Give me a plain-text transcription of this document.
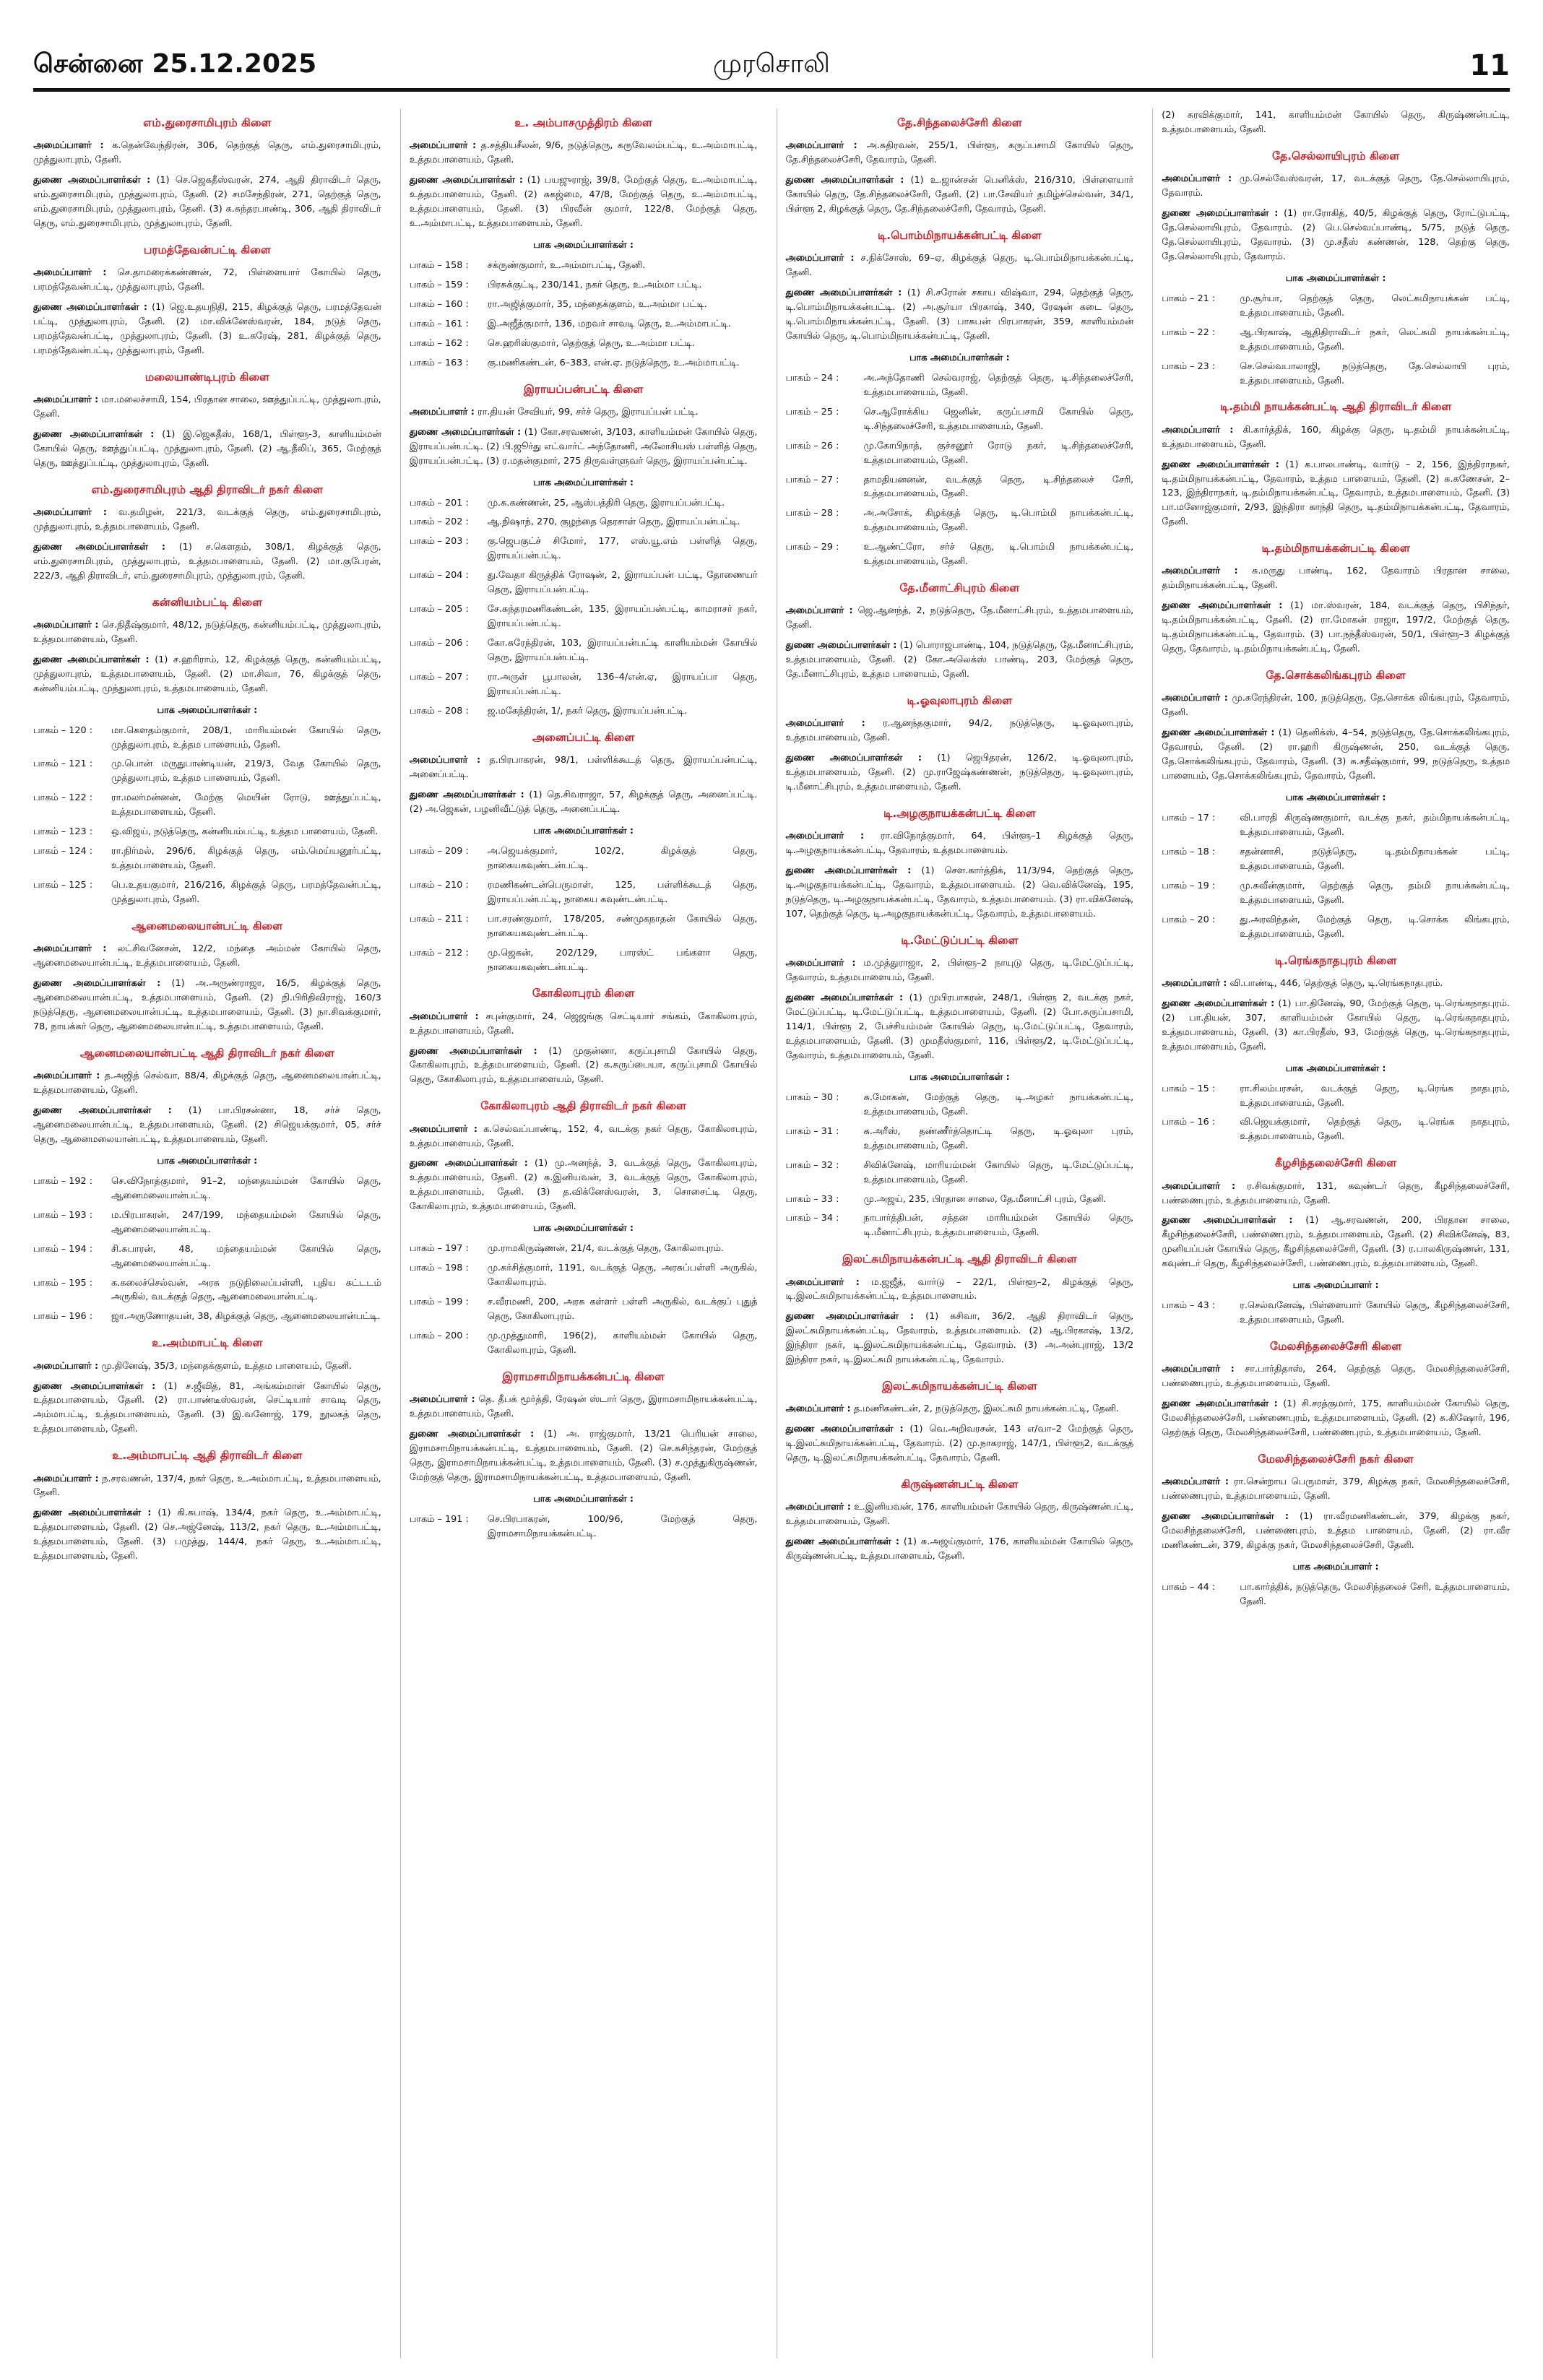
சென்னை 25.12.2025	முரசொலி	11
எம்.துரைசாமிபுரம் கிளை
அமைப்பாளர் : க.தென்வேந்திரன், 306, தெற்குத் தெரு, எம்.துரைசாமிபுரம், முத்துலாபுரம், தேனி.
துணை அமைப்பாளர்கள் : (1) செ.ஜெகதீஸ்வரன், 274, ஆதி திராவிடர் தெரு, எம்.துரைசாமிபுரம், முத்துலாபுரம், தேனி. (2) சமசேந்திரன், 271, தெற்குத் தெரு, எம்.துரைசாமிபுரம், முத்துலாபுரம், தேனி. (3) க.சுந்தரபாண்டி, 306, ஆதி திராவிடர் தெரு, எம்.துரைசாமிபுரம், முத்துலாபுரம், தேனி.
பரமத்தேவன்பட்டி கிளை
அமைப்பாளர் : செ.தாமரைக்கண்ணன், 72, பிள்ளையார் கோயில் தெரு, பரமத்தேவன்பட்டி, முத்துலாபுரம், தேனி.
துணை அமைப்பாளர்கள் : (1) ஜெ.உதயநிதி, 215, கிழக்குத் தெரு, பரமத்தேவன் பட்டி, முத்துலாபுரம், தேனி. (2) மா.விக்னேஸ்வரன், 184, நடுத் தெரு, பரமத்தேவன்பட்டி, முத்துலாபுரம், தேனி. (3) உ.சுரேஷ், 281, கிழக்குத் தெரு, பரமத்தேவன்பட்டி, முத்துலாபுரம், தேனி.
மலையாண்டிபுரம் கிளை
அமைப்பாளர் : மா.மலைச்சாமி, 154, பிரதான சாலை, ஊத்துப்பட்டி, முத்துலாபுரம், தேனி.
துணை அமைப்பாளர்கள் : (1) இ.ஜெகதீஸ், 168/1, பிள்ளூ-3, காளியம்மன் கோயில் தெரு, ஊத்துப்பட்டி, முத்துலாபுரம், தேனி. (2) ஆ.தீலிப், 365, மேற்குத் தெரு, ஊத்துப்பட்டி, முத்துலாபுரம், தேனி.
எம்.துரைசாமிபுரம் ஆதி திராவிடர் நகர் கிளை
அமைப்பாளர் : வ.தமிழன், 221/3, வடக்குத் தெரு, எம்.துரைசாமிபுரம், முத்துலாபுரம், உத்தமபாளையம், தேனி.
துணை அமைப்பாளர்கள் : (1) ச.கௌதம், 308/1, கிழக்குத் தெரு, எம்.துரைசாமிபுரம், முத்துலாபுரம், உத்தமபாளையம், தேனி. (2) மா.குபேரன், 222/3, ஆதி திராவிடர், எம்.துரைசாமிபுரம், முத்துலாபுரம், தேனி.
கன்னியம்பட்டி கிளை
அமைப்பாளர் : செ.நிதீஷ்குமார், 48/12, நடுத்தெரு, கன்னியம்பட்டி, முத்துலாபுரம், உத்தமபாளையம், தேனி.
துணை அமைப்பாளர்கள் : (1) ச.ஹரிராம், 12, கிழக்குத் தெரு, கன்னியம்பட்டி, முத்துலாபுரம், உத்தமபாளையம், தேனி. (2) மா.சிவா, 76, கிழக்குத் தெரு, கன்னியம்பட்டி, முத்துலாபுரம், உத்தமபாளையம், தேனி.
பாக அமைப்பாளர்கள் :
பாகம் – 120 :	மா.கௌதம்குமார், 208/1, மாரியம்மன் கோயில் தெரு, முத்துலாபுரம், உத்தம பாளையம், தேனி.
பாகம் – 121 :	மு.பொன் மருதுபாண்டியன், 219/3, வேத கோயில் தெரு, முத்துலாபுரம், உத்தம பாளையம், தேனி.
பாகம் – 122 :	ரா.மலர்மன்னன், மேற்கு மெயின் ரோடு, ஊத்துப்பட்டி, உத்தமபாளையம், தேனி.
பாகம் – 123 :	ஒ.விஜய், நடுத்தெரு, கன்னியம்பட்டி, உத்தம பாளையம், தேனி.
பாகம் – 124 :	ரா.நிர்மல், 296/6, கிழக்குத் தெரு, எம்.மெய்யனூர்பட்டி, உத்தமபாளையம், தேனி.
பாகம் – 125 :	பெ.உதயகுமார், 216/216, கிழக்குத் தெரு, பரமத்தேவன்பட்டி, முத்துலாபுரம், தேனி.
ஆனைமலையான்பட்டி கிளை
அமைப்பாளர் : லட்சிவனேசன், 12/2, மந்தை அம்மன் கோயில் தெரு, ஆனைமலையான்பட்டி, உத்தமபாளையம், தேனி.
துணை அமைப்பாளர்கள் : (1) அ.அருண்ராஜா, 16/5, கிழக்குத் தெரு, ஆனைமலையான்பட்டி, உத்தமபாளையம், தேனி. (2) நி.பிரிதிவிராஜ், 160/3 நடுத்தெரு, ஆனைமலையான்பட்டி, உத்தமபாளையம், தேனி. (3) நா.சிவக்குமார், 78, நாயக்கர் தெரு, ஆனைமலையான்பட்டி, உத்தமபாளையம், தேனி.
ஆனைமலையான்பட்டி ஆதி திராவிடர் நகர் கிளை
அமைப்பாளர் : த.அஜித் செல்வா, 88/4, கிழக்குத் தெரு, ஆனைமலையான்பட்டி, உத்தமபாளையம், தேனி.
துணை அமைப்பாளர்கள் : (1) பா.பிரசன்னா, 18, சர்ச் தெரு, ஆனைமலையான்பட்டி, உத்தமபாளையம், தேனி. (2) சிஜெயக்குமார், 05, சர்ச் தெரு, ஆனைமலையான்பட்டி, உத்தமபாளையம், தேனி.
பாக அமைப்பாளர்கள் :
பாகம் – 192 :	செ.விநோத்குமார், 91–2, மந்தையம்மன் கோயில் தெரு, ஆனைமலையான்பட்டி.
பாகம் – 193 :	ம.பிரபாகரன், 247/199, மந்தையம்மன் கோயில் தெரு, ஆனைமலையான்பட்டி.
பாகம் – 194 :	சி.சுபாரன், 48, மந்தையம்மன் கோயில் தெரு, ஆனைமலையான்பட்டி.
பாகம் – 195 :	க.கலைச்செல்வன், அரசு நடுநிலைப்பள்ளி, புதிய கட்டடம் அருகில், வடக்குத் தெரு, ஆனைமலையான்பட்டி.
பாகம் – 196 :	ஜா.அருணோதயன், 38, கிழக்குத் தெரு, ஆனைமலையான்பட்டி.
உ.அம்மாபட்டி கிளை
அமைப்பாளர் : மு.தினேஷ், 35/3, மந்தைக்குளம், உத்தம பாளையம், தேனி.
துணை அமைப்பாளர்கள் : (1) ச.ஜீவித், 81, அங்கம்மாள் கோயில் தெரு, உத்தமபாளையம், தேனி. (2) ரா.பாண்டீஸ்வரன், செட்டியார் சாவடி தெரு, அம்மாபட்டி, உத்தமபாளையம், தேனி. (3) இ.வனோஜ், 179, நூலகத் தெரு, உத்தமபாளையம், தேனி.
உ.அம்மாபட்டி ஆதி திராவிடர் கிளை
அமைப்பாளர் : ந.சரவணன், 137/4, நகர் தெரு, உ.அம்மாபட்டி, உத்தமபாளையம், தேனி.
துணை அமைப்பாளர்கள் : (1) கி.சுபாஷ், 134/4, நகர் தெரு, உ.அம்மாபட்டி, உத்தமபாளையம், தேனி. (2) செ.அஜ்னேஷ், 113/2, நகர் தெரு, உ.அம்மாபட்டி, உத்தமபாளையம், தேனி. (3) பமுத்து, 144/4, நகர் தெரு, உ.அம்மாபட்டி, உத்தமபாளையம், தேனி.
உ. அம்பாசமுத்திரம் கிளை
அமைப்பாளர் : த.சத்தியசீலன், 9/6, நடுத்தெரு, கருவேலம்பட்டி, உ.அம்மாபட்டி, உத்தமபாளையம், தேனி.
துணை அமைப்பாளர்கள் : (1) பயஜுராஜ், 39/8, மேற்குத் தெரு, உ.அம்மாபட்டி, உத்தமபாளையம், தேனி. (2) சுகஜ்மை, 47/8, மேற்குத் தெரு, உ.அம்மாபட்டி, உத்தமபாளையம், தேனி. (3) பிரவீன் குமார், 122/8, மேற்குத் தெரு, உ.அம்மாபட்டி, உத்தமபாளையம், தேனி.
பாக அமைப்பாளர்கள் :
பாகம் – 158 :	சக்ருண்குமார், உ.அம்மாபட்டி, தேனி.
பாகம் – 159 :	பிரசுக்குட்டி, 230/141, நகர் தெரு, உ.அம்மா பட்டி.
பாகம் – 160 :	ரா.அஜித்குமார், 35, மந்தைக்குளம், உ.அம்மா பட்டி.
பாகம் – 161 :	இ.அஜீத்குமார், 136, மறவர் சாவடி தெரு, உ.அம்மாபட்டி.
பாகம் – 162 :	செ.ஹரிஸ்குமார், தெற்குத் தெரு, உ.அம்மா பட்டி.
பாகம் – 163 :	கு.மணிகண்டன், 6–383, என்.ஏ. நடுத்தெரு, உ.அம்மாபட்டி.
இராயப்பன்பட்டி கிளை
அமைப்பாளர் : ரா.தியன் சேவியர், 99, சர்ச் தெரு, இராயப்பன் பட்டி.
துணை அமைப்பாளர்கள் : (1) கோ.சரவணன், 3/103, காளியம்மன் கோயில் தெரு, இராயப்பன்பட்டி. (2) பி.ஜூர்து எட்வார்ட் அந்தோணி, அலோசியஸ் பள்ளித் தெரு, இராயப்பன்பட்டி. (3) ர.மதன்குமார், 275 திருவள்ளுவர் தெரு, இராயப்பன்பட்டி.
பாக அமைப்பாளர்கள் :
பாகம் – 201 :	மு.சு.கண்ணன், 25, ஆஸ்பத்திரி தெரு, இராயப்பன்பட்டி.
பாகம் – 202 :	ஆ.நிஷாந், 270, குழந்தை தெரசாள் தெரு, இராயப்பன்பட்டி.
பாகம் – 203 :	கு.ஜெபகுட்ச் சிமோர், 177, எஸ்.யூ.எம் பள்ளித் தெரு, இராயப்பன்பட்டி.
பாகம் – 204 :	து.வேதா கிருத்திக் ரோஷன், 2, இராயப்பன் பட்டி, தோணையர் தெரு, இராயப்பன்பட்டி.
பாகம் – 205 :	சே.சுந்தரமணிகண்டன், 135, இராயப்பன்பட்டி, காமராசர் நகர், இராயப்பன்பட்டி.
பாகம் – 206 :	கோ.சுரேந்திரன், 103, இராயப்பன்பட்டி காளியம்மன் கோயில் தெரு, இராயப்பன்பட்டி.
பாகம் – 207 :	ரா.அருள் பூபாலன், 136–4/என்.ஏ, இராயப்பா தெரு, இராயப்பன்பட்டி.
பாகம் – 208 :	ஜ.மகேந்திரன், 1/, நகர் தெரு, இராயப்பன்பட்டி.
அனைப்பட்டி கிளை
அமைப்பாளர் : த.பிரபாகரன், 98/1, பள்ளிக்கூடத் தெரு, இராயப்பன்பட்டி, அனைப்பட்டி.
துணை அமைப்பாளர்கள் : (1) தெ.சிவராஜா, 57, கிழக்குத் தெரு, அனைப்பட்டி. (2) அ.ஜெகன், பழனிவீட்டுத் தெரு, அனைப்பட்டி.
பாக அமைப்பாளர்கள் :
பாகம் – 209 :	அ.ஜெயக்குமார், 102/2, கிழக்குத் தெரு, நாகையகவுண்டன்பட்டி.
பாகம் – 210 :	ரமணிகண்டன்பெருமாள், 125, பள்ளிக்கூடத் தெரு, இராயப்பன்பட்டி, நாகைய கவுண்டன்பட்டி.
பாகம் – 211 :	பா.சரண்குமார், 178/205, சண்முகநாதன் கோயில் தெரு, நாகையகவுண்டன்பட்டி.
பாகம் – 212 :	மு.ஜெகன், 202/129, பாரஸ்ட் பங்களா தெரு, நாகையகவுண்டன்பட்டி.
கோகிலாபுரம் கிளை
அமைப்பாளர் : சபுன்குமார், 24, ஜெஜங்கு செட்டியார் சங்கம், கோகிலாபுரம், உத்தமபாளையம், தேனி.
துணை அமைப்பாளர்கள் : (1) முகுன்னா, கருப்புசாமி கோயில் தெரு, கோகிலாபுரம், உத்தமபாளையம், தேனி. (2) க.சுருப்பையா, கருப்புசாமி கோயில் தெரு, கோகிலாபுரம், உத்தமபாளையம், தேனி.
கோகிலாபுரம் ஆதி திராவிடர் நகர் கிளை
அமைப்பாளர் : க.செல்வப்பாண்டி, 152, 4, வடக்கு நகர் தெரு, கோகிலாபுரம், உத்தமபாளையம், தேனி.
துணை அமைப்பாளர்கள் : (1) மு.அனந்த், 3, வடக்குத் தெரு, கோகிலாபுரம், உத்தமபாளையம், தேனி. (2) சு.இனியவன், 3, வடக்குத் தெரு, கோகிலாபுரம், உத்தமபாளையம், தேனி. (3) த.விக்னேஸ்வரன், 3, சொசைட்டி தெரு, கோகிலாபுரம், உத்தமபாளையம், தேனி.
பாக அமைப்பாளர்கள் :
பாகம் – 197 :	மு.ராமகிருஷ்ணன், 21/4, வடக்குத் தெரு, கோகிலாபுரம்.
பாகம் – 198 :	மு.சுர்சித்குமார், 1191, வடக்குத் தெரு, அரசுப்பள்ளி அருகில், கோகிலாபுரம்.
பாகம் – 199 :	ச.வீரமணி, 200, அரசு கள்ளர் பள்ளி அருகில், வடக்குப் புதுத் தெரு, கோகிலாபுரம்.
பாகம் – 200 :	மு.முத்துமாரி, 196(2), காளியம்மன் கோயில் தெரு, கோகிலாபுரம், தேனி.
இராமசாமிநாயக்கன்பட்டி கிளை
அமைப்பாளர் : தெ. தீபக் மூர்த்தி, ரேஷன் ஸ்டார் தெரு, இராமசாமிநாயக்கன்பட்டி, உத்தமபாளையம், தேனி.
துணை அமைப்பாளர்கள் : (1) அ. ராஜ்குமார், 13/21 பெரியன் சாலை, இராமசாமிநாயக்கன்பட்டி, உத்தமபாளையம், தேனி. (2) செ.சுசிந்தரன், மேற்குத் தெரு, இராமசாமிநாயக்கன்பட்டி, உத்தமபாளையம், தேனி. (3) ச.முத்துகிருஷ்ணன், மேற்குத் தெரு, இராமசாமிநாயக்கன்பட்டி, உத்தமபாளையம், தேனி.
பாக அமைப்பாளர்கள் :
பாகம் – 191 :	செ.பிரபாகரன், 100/96, மேற்குத் தெரு, இராமசாமிநாயக்கன்பட்டி.
தே.சிந்தலைச்சேரி கிளை
அமைப்பாளர் : அ.சுதிரவன், 255/1, பிள்ளூ, கருப்பசாமி கோயில் தெரு, தே.சிந்தலைச்சேரி, தேவாரம், தேனி.
துணை அமைப்பாளர்கள் : (1) உ.ஜான்சன் பெனிக்ஸ், 216/310, பிள்ளையார் கோயில் தெரு, தே.சிந்தலைச்சேரி, தேனி. (2) பா.சேவியர் தமிழ்ச்செல்வன், 34/1, பிள்ளூ 2, கிழக்குத் தெரு, தே.சிந்தலைச்சேரி, தேவாரம், தேனி.
டி.பொம்மிநாயக்கன்பட்டி கிளை
அமைப்பாளர் : ச.நிக்சோஸ், 69–ஏ, கிழக்குத் தெரு, டி.பொம்மிநாயக்கன்பட்டி, தேனி.
துணை அமைப்பாளர்கள் : (1) சி.சரோன் சகாய விஷ்வா, 294, தெற்குத் தெரு, டி.பொம்மிநாயக்கன்பட்டி. (2) அ.சூர்யா பிரகாஷ், 340, ரேஷன் கடை தெரு, டி.பொம்மிநாயக்கன்பட்டி, தேனி. (3) பாசுபன் பிரபாகரன், 359, காளியம்மன் கோயில் தெரு, டி.பொம்மிநாயக்கன்பட்டி, தேனி.
பாக அமைப்பாளர்கள் :
பாகம் – 24 :	அ.அந்தோணி செல்வராஜ், தெற்குத் தெரு, டி.சிந்தலைச்சேரி, உத்தமபாளையம், தேனி.
பாகம் – 25 :	செ.ஆரோக்கிய ஜெனின், கருப்பசாமி கோயில் தெரு, டி.சிந்தலைச்சேரி, உத்தமபாளையம், தேனி.
பாகம் – 26 :	மு.கோபிநாத், குச்சனூர் ரோடு நகர், டி.சிந்தலைச்சேரி, உத்தமபாளையம், தேனி.
பாகம் – 27 :	தாமதியனனன், வடக்குத் தெரு, டி.சிந்தலைச் சேரி, உத்தமபாளையம், தேனி.
பாகம் – 28 :	அ.அசோக், கிழக்குத் தெரு, டி.பொம்மி நாயக்கன்பட்டி, உத்தமபாளையம், தேனி.
பாகம் – 29 :	உ.ஆண்ட்ரோ, சர்ச் தெரு, டி.பொம்மி நாயக்கன்பட்டி, உத்தமபாளையம், தேனி.
தே.மீனாட்சிபுரம் கிளை
அமைப்பாளர் : ஜெ.ஆனந்த், 2, நடுத்தெரு, தே.மீனாட்சிபுரம், உத்தமபாளையம், தேனி.
துணை அமைப்பாளர்கள் : (1) பொராஜபாண்டி, 104, நடுத்தெரு, தே.மீனாட்சிபுரம், உத்தமபாளையம், தேனி. (2) கோ.அலெக்ஸ் பாண்டி, 203, மேற்குத் தெரு, தே.மீனாட்சிபுரம், உத்தம பாளையம், தேனி.
டி.ஓவுலாபுரம் கிளை
அமைப்பாளர் : ர.ஆனந்தகுமார், 94/2, நடுத்தெரு, டி.ஓவுலாபுரம், உத்தமபாளையம், தேனி.
துணை அமைப்பாளர்கள் : (1) ஜெபிதரன், 126/2, டி.ஓவுலாபுரம், உத்தமபாளையம், தேனி. (2) மு.ராஜேஷ்கண்ணன், நடுத்தெரு, டி.ஓவுலாபுரம், டி.மீனாட்சிபுரம், உத்தமபாளையம், தேனி.
டி.அழகுநாயக்கன்பட்டி கிளை
அமைப்பாளர் : ரா.விநோத்குமார், 64, பிள்ளூ–1 கிழக்குத் தெரு, டி.அழகுநாயக்கன்பட்டி, தேவாரம், உத்தமபாளையம்.
துணை அமைப்பாளர்கள் : (1) செள.கார்த்திக், 11/3/94, தெற்குத் தெரு, டி.அழகுநாயக்கன்பட்டி, தேவாரம், உத்தமபாளையம். (2) வெ.விக்னேஷ், 195, நடுத்தெரு, டி.அழகுநாயக்கன்பட்டி, தேவாரம், உத்தமபாளையம். (3) ரா.விக்னேஷ், 107, தெற்குத் தெரு, டி.அழகுநாயக்கன்பட்டி, தேவாரம், உத்தமபாளையம்.
டி.மேட்டுப்பட்டி கிளை
அமைப்பாளர் : ம.முத்துராஜா, 2, பிள்ளூ–2 நாயுடு தெரு, டி.மேட்டுப்பட்டி, தேவாரம், உத்தமபாளையம், தேனி.
துணை அமைப்பாளர்கள் : (1) முபிரபாகரன், 248/1, பிள்ளூ 2, வடக்கு நகர், மேட்டுப்பட்டி, டி.மேட்டுப்பட்டி, உத்தமபாளையம், தேனி. (2) போ.சுருப்பசாமி, 114/1, பிள்ளூ 2, பேச்சியம்மன் கோயில் தெரு, டி.மேட்டுப்பட்டி, தேவாரம், உத்தமபாளையம், தேனி. (3) முமதீஸ்குமார், 116, பிள்ளூ/2, டி.மேட்டுப்பட்டி, தேவாரம், உத்தமபாளையம், தேனி.
பாக அமைப்பாளர்கள் :
பாகம் – 30 :	சு.மோகன், மேற்குத் தெரு, டி.அழகர் நாயக்கன்பட்டி, உத்தமபாளையம், தேனி.
பாகம் – 31 :	சு.அரீஸ், தண்ணீர்த்தொட்டி தெரு, டி.ஓவுலா புரம், உத்தமபாளையம், தேனி.
பாகம் – 32 :	சிவிக்னேஷ், மாரியம்மன் கோயில் தெரு, டி.மேட்டுப்பட்டி, உத்தமபாளையம், தேனி.
பாகம் – 33 :	மு.அஜய், 235, பிரதான சாலை, தே.மீனாட்சி புரம், தேனி.
பாகம் – 34 :	நாபார்த்திபன், சந்தன மாரியம்மன் கோயில் தெரு, டி.மீனாட்சிபுரம், உத்தமபாளையம், தேனி.
இலட்சுமிநாயக்கன்பட்டி ஆதி திராவிடர் கிளை
அமைப்பாளர் : ம.ஜஜீத், வார்டு – 22/1, பிள்ளூ–2, கிழக்குத் தெரு, டி.இலட்சுமிநாயக்கன்பட்டி, உத்தமபாளையம்.
துணை அமைப்பாளர்கள் : (1) சுசிவா, 36/2, ஆதி திராவிடர் தெரு, இலட்சுமிநாயக்கன்பட்டி, தேவாரம், உத்தமபாளையம். (2) ஆ.பிரகாஷ், 13/2, இந்திரா நகர், டி.இலட்சுமிநாயக்கன்பட்டி, தேவாரம். (3) அ.அன்புராஜ், 13/2 இந்திரா நகர், டி.இலட்சுமி நாயக்கன்பட்டி, தேவாரம்.
இலட்சுமிநாயக்கன்பட்டி கிளை
அமைப்பாளர் : த.மணிகண்டன், 2, நடுத்தெரு, இலட்சுமி நாயக்கன்பட்டி, தேனி.
துணை அமைப்பாளர்கள் : (1) வெ.அறிவரசன், 143 எ/வா–2 மேற்குத் தெரு, டி.இலட்சுமிநாயக்கன்பட்டி, தேவாரம். (2) மு.நாகராஜ், 147/1, பிள்ளூ2, வடக்குத் தெரு, டி.இலட்சுமிநாயக்கன்பட்டி, தேவாரம், தேனி.
கிருஷ்ணன்பட்டி கிளை
அமைப்பாளர் : உ.இனியவன், 176, காளியம்மன் கோயில் தெரு, கிருஷ்ணன்பட்டி, உத்தமபாளையம், தேனி.
துணை அமைப்பாளர்கள் : (1) சு.அஜய்குமார், 176, காளியம்மன் கோயில் தெரு, கிருஷ்ணன்பட்டி, உத்தமபாளையம், தேனி.
(2) சுரவிக்குமார், 141, காளியம்மன் கோயில் தெரு, கிருஷ்ணன்பட்டி, உத்தமபாளையம், தேனி.
தே.செல்லாயிபுரம் கிளை
அமைப்பாளர் : மு.செல்வேஸ்வரன், 17, வடக்குத் தெரு, தே.செல்லாயிபுரம், தேவாரம்.
துணை அமைப்பாளர்கள் : (1) ரா.ரோகித், 40/5, கிழக்குத் தெரு, ரோட்டுபட்டி, தே.செல்லாயிபுரம், தேவாரம். (2) பெ.செல்வப்பாண்டி, 5/75, நடுத் தெரு, தே.செல்லாயிபுரம், தேவாரம். (3) மு.சதீஸ் கண்ணன், 128, தெற்கு தெரு, தே.செல்லாயிபுரம், தேவாரம்.
பாக அமைப்பாளர்கள் :
பாகம் – 21 :	மு.சூர்யா, தெற்குத் தெரு, லெட்சுமிநாயக்கன் பட்டி, உத்தமபாளையம், தேனி.
பாகம் – 22 :	ஆ.பிரகாஷ், ஆதிதிராவிடர் நகர், லெட்சுமி நாயக்கன்பட்டி, உத்தமபாளையம், தேனி.
பாகம் – 23 :	செ.செல்வபாலாஜி, நடுத்தெரு, தே.செல்லாயி புரம், உத்தமபாளையம், தேனி.
டி.தம்மி நாயக்கன்பட்டி ஆதி திராவிடர் கிளை
அமைப்பாளர் : கி.கார்த்திக், 160, கிழக்கு தெரு, டி.தம்மி நாயக்கன்பட்டி, உத்தமபாளையம், தேனி.
துணை அமைப்பாளர்கள் : (1) க.பாலபாண்டி, வார்டு – 2, 156, இந்திராநகர், டி.தம்மிநாயக்கன்பட்டி, தேவாரம், உத்தம பாளையம், தேனி. (2) சு.கணேசன், 2–123, இந்திராநகர், டி.தம்மிநாயக்கன்பட்டி, தேவாரம், உத்தமபாளையம், தேனி. (3) பா.மனோஜ்குமார், 2/93, இந்திரா காந்தி தெரு, டி.தம்மிநாயக்கன்பட்டி, தேவாரம், தேனி.
டி.தம்மிநாயக்கன்பட்டி கிளை
அமைப்பாளர் : சு.மருது பாண்டி, 162, தேவாரம் பிரதான சாலை, தம்மிநாயக்கன்பட்டி, தேனி.
துணை அமைப்பாளர்கள் : (1) மா.ஸ்வரன், 184, வடக்குத் தெரு, பிசிந்தர், டி.தம்மிநாயக்கன்பட்டி, தேனி. (2) ரா.மோகன் ராஜா, 197/2, மேற்குத் தெரு, டி.தம்மிநாயக்கன்பட்டி, தேவாரம். (3) பா.நந்தீஸ்வரன், 50/1, பிள்ளூ–3 கிழக்குத் தெரு, தேவாரம், டி.தம்மிநாயக்கன்பட்டி, தேனி.
தே.சொக்கலிங்கபுரம் கிளை
அமைப்பாளர் : மு.சுரேந்திரன், 100, நடுத்தெரு, தே.சொக்க லிங்கபுரம், தேவாரம், தேனி.
துணை அமைப்பாளர்கள் : (1) தெனிக்ஸ், 4–54, நடுத்தெரு, தே.சொக்கலிங்கபுரம், தேவாரம், தேனி. (2) ரா.ஹரி கிருஷ்ணன், 250, வடக்குத் தெரு, தே.சொக்கலிங்கபுரம், தேவாரம், தேனி. (3) சு.சதீஷ்குமார், 99, நடுத்தெரு, உத்தம பாளையம், தே.சொக்கலிங்கபுரம், தேவாரம், தேனி.
பாக அமைப்பாளர்கள் :
பாகம் – 17 :	வி.பாரதி கிருஷ்ணகுமார், வடக்கு நகர், தம்மிநாயக்கன்பட்டி, உத்தமபாளையம், தேனி.
பாகம் – 18 :	சதன்னாசி, நடுத்தெரு, டி.தம்மிநாயக்கன் பட்டி, உத்தமபாளையம், தேனி.
பாகம் – 19 :	மு.சுவீன்குமார், தெற்குத் தெரு, தம்மி நாயக்கன்பட்டி, உத்தமபாளையம், தேனி.
பாகம் – 20 :	து.அரவிந்தன், மேற்குத் தெரு, டி.சொக்க லிங்கபுரம், உத்தமபாளையம், தேனி.
டி.ரெங்கநாதபுரம் கிளை
அமைப்பாளர் : வி.பாண்டி, 446, தெற்குத் தெரு, டி.ரெங்கநாதபுரம்.
துணை அமைப்பாளர்கள் : (1) பா.தினேஷ், 90, மேற்குத் தெரு, டி.ரெங்கநாதபுரம். (2) பா.தியன், 307, காளியம்மன் கோயில் தெரு, டி.ரெங்கநாதபுரம், உத்தமபாளையம், தேனி. (3) கா.பிரதீஸ், 93, மேற்குத் தெரு, டி.ரெங்கநாதபுரம், உத்தமபாளையம், தேனி.
பாக அமைப்பாளர்கள் :
பாகம் – 15 :	ரா.சிலம்பரசன், வடக்குத் தெரு, டி.ரெங்க நாதபுரம், உத்தமபாளையம், தேனி.
பாகம் – 16 :	வி.ஜெயக்குமார், தெற்குத் தெரு, டி.ரெங்க நாதபுரம், உத்தமபாளையம், தேனி.
கீழசிந்தலைச்சேரி கிளை
அமைப்பாளர் : ர.சிவக்குமார், 131, கவுண்டர் தெரு, கீழசிந்தலைச்சேரி, பண்ணைபுரம், உத்தமபாளையம், தேனி.
துணை அமைப்பாளர்கள் : (1) ஆ.சரவணன், 200, பிரதான சாலை, கீழசிந்தலைச்சேரி, பண்ணைபுரம், உத்தமபாளையம், தேனி. (2) சிவிக்னேஷ், 83, முனியப்பன் கோயில் தெரு, கீழசிந்தலைச்சேரி, தேனி. (3) ர.பாலகிருஷ்ணன், 131, கவுண்டர் தெரு, கீழசிந்தலைச்சேரி, பண்ணைபுரம், உத்தமபாளையம், தேனி.
பாக அமைப்பாளர் :
பாகம் – 43 :	ர.செல்வனேஷ், பிள்ளையார் கோயில் தெரு, கீழசிந்தலைச்சேரி, உத்தமபாளையம், தேனி.
மேலசிந்தலைச்சேரி கிளை
அமைப்பாளர் : சா.பார்திதாஸ், 264, தெற்குத் தெரு, மேலசிந்தலைச்சேரி, பண்ணைபுரம், உத்தமபாளையம், தேனி.
துணை அமைப்பாளர்கள் : (1) சி.சரத்குமார், 175, காளியம்மன் கோயில் தெரு, மேலசிந்தலைச்சேரி, பண்ணைபுரம், உத்தமபாளையம், தேனி. (2) சு.கிஷோர், 196, தெற்குத் தெரு, மேலசிந்தலைச்சேரி, பண்ணைபுரம், உத்தமபாளையம், தேனி.
மேலசிந்தலைச்சேரி நகர் கிளை
அமைப்பாளர் : ரா.சென்றாய பெருமாள், 379, கிழக்கு நகர், மேலசிந்தலைச்சேரி, பண்ணைபுரம், உத்தமபாளையம், தேனி.
துணை அமைப்பாளர்கள் : (1) ரா.வீரமணிகண்டன், 379, கிழக்கு நகர், மேலசிந்தலைச்சேரி, பண்ணைபுரம், உத்தம பாளையம், தேனி. (2) ரா.வீர மணிகண்டன், 379, கிழக்கு நகர், மேலசிந்தலைச்சேரி, தேனி.
பாக அமைப்பாளர் :
பாகம் – 44 :	பா.கார்த்திக், நடுத்தெரு, மேலசிந்தலைச் சேரி, உத்தமபாளையம், தேனி.
